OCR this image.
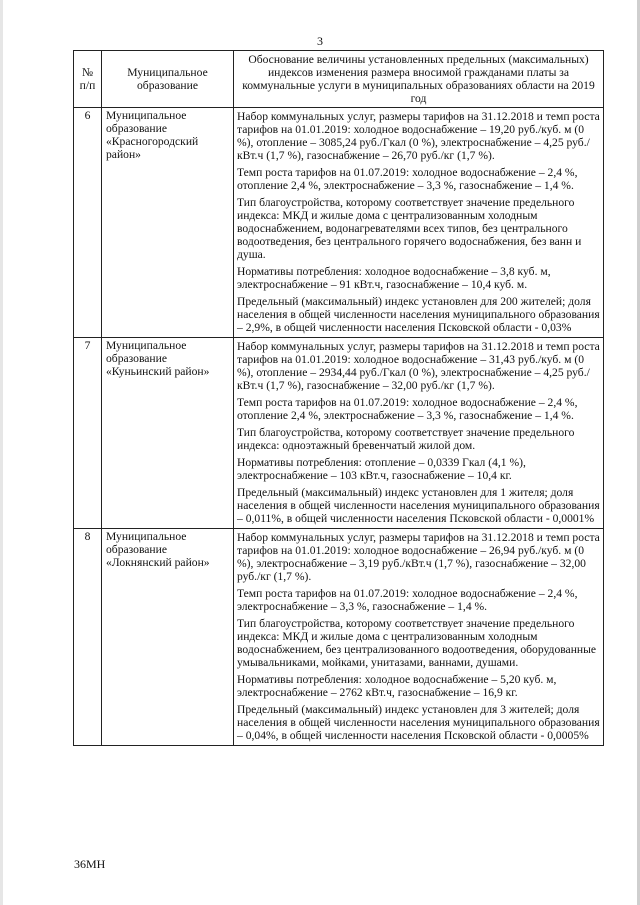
3
№ п/п	Муниципальное образование	Обоснование величины установленных предельных (максимальных) индексов изменения размера вносимой гражданами платы за коммунальные услуги в муниципальных образованиях области на 2019 год
6	Муниципальное образование «Красногородский район»	Набор коммунальных услуг, размеры тарифов на 31.12.2018 и темп роста тарифов на 01.01.2019: холодное водоснабжение – 19,20 руб./куб. м (0 %), отопление – 3085,24 руб./Гкал (0 %), электроснабжение – 4,25 руб./кВт.ч (1,7 %), газоснабжение – 26,70 руб./кг (1,7 %).
Темп роста тарифов на 01.07.2019: холодное водоснабжение – 2,4 %, отопление 2,4 %, электроснабжение – 3,3 %, газоснабжение – 1,4 %.
Тип благоустройства, которому соответствует значение предельного индекса: МКД и жилые дома с централизованным холодным водоснабжением, водонагревателями всех типов, без центрального водоотведения, без центрального горячего водоснабжения, без ванн и душа.
Нормативы потребления: холодное водоснабжение – 3,8 куб. м, электроснабжение – 91 кВт.ч, газоснабжение – 10,4 куб. м.
Предельный (максимальный) индекс установлен для 200 жителей; доля населения в общей численности населения муниципального образования – 2,9%, в общей численности населения Псковской области - 0,03%

7	Муниципальное образование «Куньинский район»	Набор коммунальных услуг, размеры тарифов на 31.12.2018 и темп роста тарифов на 01.01.2019: холодное водоснабжение – 31,43 руб./куб. м (0 %), отопление – 2934,44 руб./Гкал (0 %), электроснабжение – 4,25 руб./кВт.ч (1,7 %), газоснабжение – 32,00 руб./кг (1,7 %).
Темп роста тарифов на 01.07.2019: холодное водоснабжение – 2,4 %, отопление 2,4 %, электроснабжение – 3,3 %, газоснабжение – 1,4 %.
Тип благоустройства, которому соответствует значение предельного индекса: одноэтажный бревенчатый жилой дом.
Нормативы потребления: отопление – 0,0339 Гкал (4,1 %), электроснабжение – 103 кВт.ч, газоснабжение – 10,4 кг.
Предельный (максимальный) индекс установлен для 1 жителя; доля населения в общей численности населения муниципального образования – 0,011%, в общей численности населения Псковской области - 0,0001%

8	Муниципальное образование «Локнянский район»	Набор коммунальных услуг, размеры тарифов на 31.12.2018 и темп роста тарифов на 01.01.2019: холодное водоснабжение – 26,94 руб./куб. м (0 %), электроснабжение – 3,19 руб./кВт.ч (1,7 %), газоснабжение – 32,00 руб./кг (1,7 %).
Темп роста тарифов на 01.07.2019: холодное водоснабжение – 2,4 %, электроснабжение – 3,3 %, газоснабжение – 1,4 %.
Тип благоустройства, которому соответствует значение предельного индекса: МКД и жилые дома с централизованным холодным водоснабжением, без централизованного водоотведения, оборудованные умывальниками, мойками, унитазами, ваннами, душами.
Нормативы потребления: холодное водоснабжение – 5,20 куб. м, электроснабжение – 2762 кВт.ч, газоснабжение – 16,9 кг.
Предельный (максимальный) индекс установлен для 3 жителей; доля населения в общей численности населения муниципального образования – 0,04%, в общей численности населения Псковской области - 0,0005%
36МН
